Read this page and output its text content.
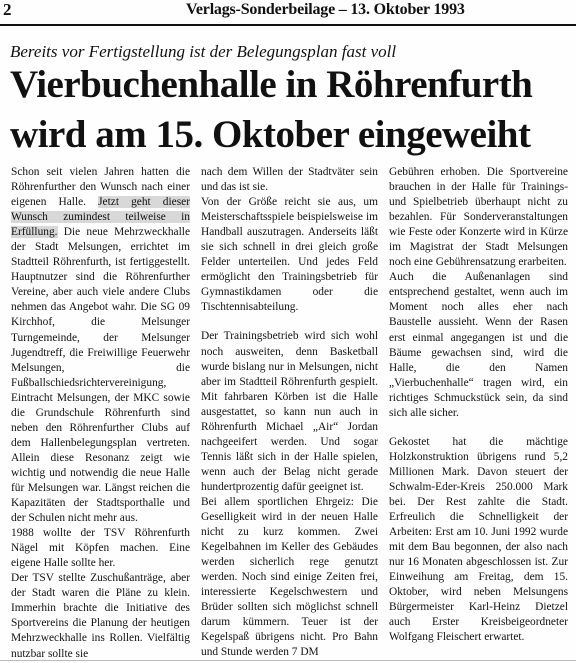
2	Verlags-Sonderbeilage – 13. Oktober 1993
Bereits vor Fertigstellung ist der Belegungsplan fast voll
Vierbuchenhalle in Röhrenfurth
wird am 15. Oktober eingeweiht

Schon seit vielen Jahren hatten die Röhrenfurther den Wunsch nach einer eigenen Halle. Jetzt geht dieser Wunsch zumindest teilweise in Erfüllung. Die neue Mehrzweckhalle der Stadt Melsungen, errichtet im Stadtteil Röhrenfurth, ist fertiggestellt. Hauptnutzer sind die Röhrenfurther Vereine, aber auch viele andere Clubs nehmen das Angebot wahr. Die SG 09 Kirchhof, die Melsunger Turngemeinde, der Melsunger Jugendtreff, die Freiwillige Feuerwehr Melsungen, die Fußballschiedsrichtervereinigung, Eintracht Melsungen, der MKC sowie die Grundschule Röhrenfurth sind neben den Röhrenfurther Clubs auf dem Hallenbelegungsplan vertreten. Allein diese Resonanz zeigt wie wichtig und notwendig die neue Halle für Melsungen war. Längst reichen die Kapazitäten der Stadtsporthalle und der Schulen nicht mehr aus.

1988 wollte der TSV Röhrenfurth Nägel mit Köpfen machen. Eine eigene Halle sollte her.

Der TSV stellte Zuschußanträge, aber der Stadt waren die Pläne zu klein. Immerhin brachte die Initiative des Sportvereins die Planung der heutigen Mehrzweckhalle ins Rollen. Vielfältig nutzbar sollte sie

nach dem Willen der Stadtväter sein und das ist sie.

Von der Größe reicht sie aus, um Meisterschaftsspiele beispielsweise im Handball auszutragen. Anderseits läßt sie sich schnell in drei gleich große Felder unterteilen. Und jedes Feld ermöglicht den Trainingsbetrieb für Gymnastikdamen oder die Tischtennisabteilung.

Der Trainingsbetrieb wird sich wohl noch ausweiten, denn Basketball wurde bislang nur in Melsungen, nicht aber im Stadtteil Röhrenfurth gespielt. Mit fahrbaren Körben ist die Halle ausgestattet, so kann nun auch in Röhrenfurth Michael „Air“ Jordan nachgeeifert werden. Und sogar Tennis läßt sich in der Halle spielen, wenn auch der Belag nicht gerade hundertprozentig dafür geeignet ist.

Bei allem sportlichen Ehrgeiz: Die Geselligkeit wird in der neuen Halle nicht zu kurz kommen. Zwei Kegelbahnen im Keller des Gebäudes werden sicherlich rege genutzt werden. Noch sind einige Zeiten frei, interessierte Kegelschwestern und Brüder sollten sich möglichst schnell darum kümmern. Teuer ist der Kegelspaß übrigens nicht. Pro Bahn und Stunde werden 7 DM

Gebühren erhoben. Die Sportvereine brauchen in der Halle für Trainings- und Spielbetrieb überhaupt nicht zu bezahlen. Für Sonderveranstaltungen wie Feste oder Konzerte wird in Kürze im Magistrat der Stadt Melsungen noch eine Gebührensatzung erarbeiten.

Auch die Außenanlagen sind entsprechend gestaltet, wenn auch im Moment noch alles eher nach Baustelle aussieht. Wenn der Rasen erst einmal angegangen ist und die Bäume gewachsen sind, wird die Halle, die den Namen „Vierbuchenhalle“ tragen wird, ein richtiges Schmuckstück sein, da sind sich alle sicher.

Gekostet hat die mächtige Holzkonstruktion übrigens rund 5,2 Millionen Mark. Davon steuert der Schwalm-Eder-Kreis 250.000 Mark bei. Der Rest zahlte die Stadt. Erfreulich die Schnelligkeit der Arbeiten: Erst am 10. Juni 1992 wurde mit dem Bau begonnen, der also nach nur 16 Monaten abgeschlossen ist. Zur Einweihung am Freitag, dem 15. Oktober, wird neben Melsungens Bürgermeister Karl-Heinz Dietzel auch Erster Kreisbeigeordneter Wolfgang Fleischert erwartet.
